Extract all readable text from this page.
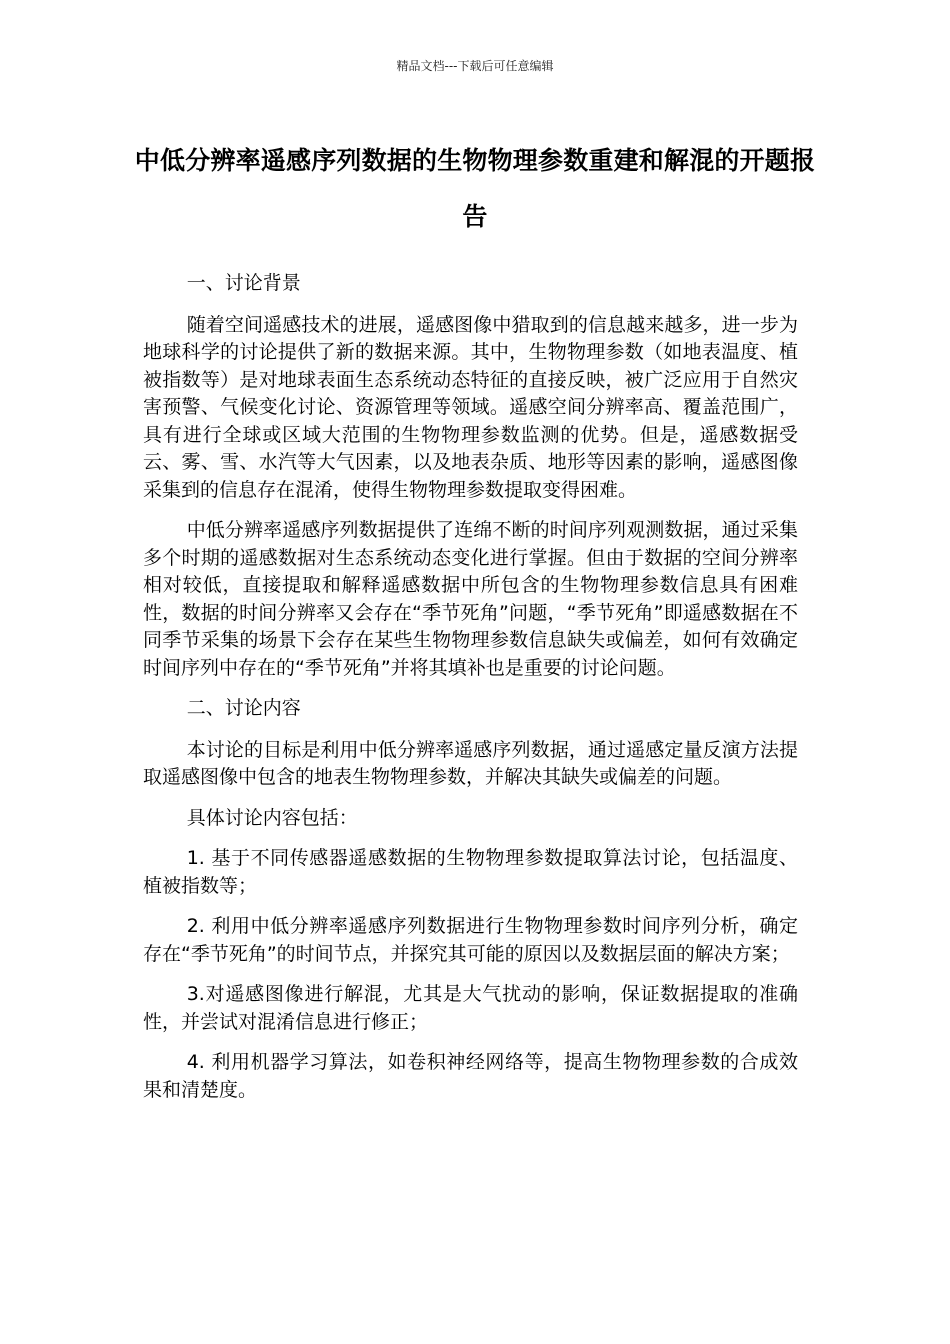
精品文档---下载后可任意编辑
中低分辨率遥感序列数据的生物物理参数重建和解混的开题报告

一、讨论背景

随着空间遥感技术的进展，遥感图像中猎取到的信息越来越多，进一步为地球科学的讨论提供了新的数据来源。其中，生物物理参数（如地表温度、植被指数等）是对地球表面生态系统动态特征的直接反映，被广泛应用于自然灾害预警、气候变化讨论、资源管理等领域。遥感空间分辨率高、覆盖范围广，具有进行全球或区域大范围的生物物理参数监测的优势。但是，遥感数据受云、雾、雪、水汽等大气因素，以及地表杂质、地形等因素的影响，遥感图像采集到的信息存在混淆，使得生物物理参数提取变得困难。

中低分辨率遥感序列数据提供了连绵不断的时间序列观测数据，通过采集多个时期的遥感数据对生态系统动态变化进行掌握。但由于数据的空间分辨率相对较低，直接提取和解释遥感数据中所包含的生物物理参数信息具有困难性，数据的时间分辨率又会存在“季节死角”问题，“季节死角”即遥感数据在不同季节采集的场景下会存在某些生物物理参数信息缺失或偏差，如何有效确定时间序列中存在的“季节死角”并将其填补也是重要的讨论问题。

二、讨论内容

本讨论的目标是利用中低分辨率遥感序列数据，通过遥感定量反演方法提取遥感图像中包含的地表生物物理参数，并解决其缺失或偏差的问题。

具体讨论内容包括：

1. 基于不同传感器遥感数据的生物物理参数提取算法讨论，包括温度、植被指数等；

2. 利用中低分辨率遥感序列数据进行生物物理参数时间序列分析，确定存在“季节死角”的时间节点，并探究其可能的原因以及数据层面的解决方案；

3.对遥感图像进行解混，尤其是大气扰动的影响，保证数据提取的准确性，并尝试对混淆信息进行修正；

4. 利用机器学习算法，如卷积神经网络等，提高生物物理参数的合成效果和清楚度。
